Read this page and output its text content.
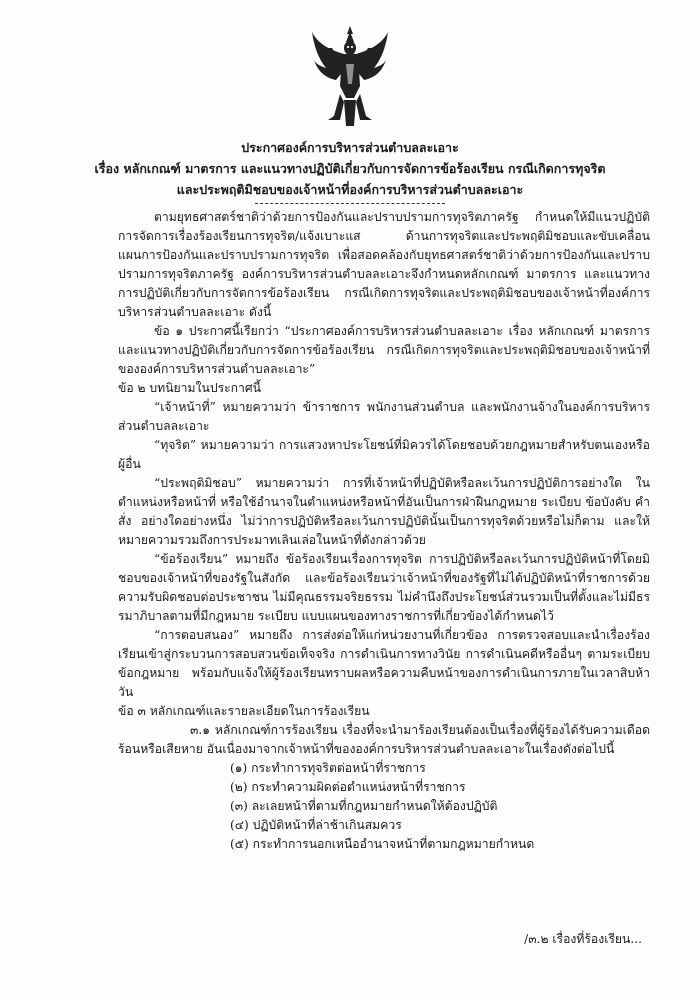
ประกาศองค์การบริหารส่วนตำบลละเอาะ
เรื่อง หลักเกณฑ์ มาตรการ และแนวทางปฏิบัติเกี่ยวกับการจัดการข้อร้องเรียน กรณีเกิดการทุจริต
และประพฤติมิชอบของเจ้าหน้าที่องค์การบริหารส่วนตำบลละเอาะ

ตามยุทธศาสตร์ชาติว่าด้วยการป้องกันและปราบปรามการทุจริตภาครัฐ กำหนดให้มีแนวปฏิบัติการจัดการเรื่องร้องเรียนการทุจริต/แจ้งเบาะแส ด้านการทุจริตและประพฤติมิชอบและขับเคลื่อนแผนการป้องกันและปราบปรามการทุจริต เพื่อสอดคล้องกับยุทธศาสตร์ชาติว่าด้วยการป้องกันและปราบปรามการทุจริตภาครัฐ องค์การบริหารส่วนตำบลละเอาะจึงกำหนดหลักเกณฑ์ มาตรการ และแนวทางการปฏิบัติเกี่ยวกับการจัดการข้อร้องเรียน กรณีเกิดการทุจริตและประพฤติมิชอบของเจ้าหน้าที่องค์การบริหารส่วนตำบลละเอาะ ดังนี้

ข้อ ๑ ประกาศนี้เรียกว่า “ประกาศองค์การบริหารส่วนตำบลละเอาะ เรื่อง หลักเกณฑ์ มาตรการและแนวทางปฏิบัติเกี่ยวกับการจัดการข้อร้องเรียน กรณีเกิดการทุจริตและประพฤติมิชอบของเจ้าหน้าที่ขององค์การบริหารส่วนตำบลละเอาะ”

ข้อ ๒ บทนิยามในประกาศนี้

“เจ้าหน้าที่” หมายความว่า ข้าราชการ พนักงานส่วนตำบล และพนักงานจ้างในองค์การบริหารส่วนตำบลละเอาะ

“ทุจริต” หมายความว่า การแสวงหาประโยชน์ที่มิควรได้โดยชอบด้วยกฎหมายสำหรับตนเองหรือผู้อื่น

“ประพฤติมิชอบ” หมายความว่า การที่เจ้าหน้าที่ปฏิบัติหรือละเว้นการปฏิบัติการอย่างใด ในตำแหน่งหรือหน้าที่ หรือใช้อำนาจในตำแหน่งหรือหน้าที่อันเป็นการฝ่าฝืนกฎหมาย ระเบียบ ข้อบังคับ คำสั่ง อย่างใดอย่างหนึ่ง ไม่ว่าการปฏิบัติหรือละเว้นการปฏิบัตินั้นเป็นการทุจริตด้วยหรือไม่ก็ตาม และให้หมายความรวมถึงการประมาทเลินเล่อในหน้าที่ดังกล่าวด้วย

“ข้อร้องเรียน” หมายถึง ข้อร้องเรียนเรื่องการทุจริต การปฏิบัติหรือละเว้นการปฏิบัติหน้าที่โดยมิชอบของเจ้าหน้าที่ของรัฐในสังกัด และข้อร้องเรียนว่าเจ้าหน้าที่ของรัฐที่ไม่ได้ปฏิบัติหน้าที่ราชการด้วยความรับผิดชอบต่อประชาชน ไม่มีคุณธรรมจริยธรรม ไม่คำนึงถึงประโยชน์ส่วนรวมเป็นที่ตั้งและไม่มีธรรมาภิบาลตามที่มีกฎหมาย ระเบียบ แบบแผนของทางราชการที่เกี่ยวข้องได้กำหนดไว้

“การตอบสนอง” หมายถึง การส่งต่อให้แก่หน่วยงานที่เกี่ยวข้อง การตรวจสอบและนำเรื่องร้องเรียนเข้าสู่กระบวนการสอบสวนข้อเท็จจริง การดำเนินการทางวินัย การดำเนินคดีหรืออื่นๆ ตามระเบียบข้อกฎหมาย พร้อมกับแจ้งให้ผู้ร้องเรียนทราบผลหรือความคืบหน้าของการดำเนินการภายในเวลาสิบห้าวัน

ข้อ ๓ หลักเกณฑ์และรายละเอียดในการร้องเรียน

๓.๑ หลักเกณฑ์การร้องเรียน เรื่องที่จะนำมาร้องเรียนต้องเป็นเรื่องที่ผู้ร้องได้รับความเดือดร้อนหรือเสียหาย อันเนื่องมาจากเจ้าหน้าที่ขององค์การบริหารส่วนตำบลละเอาะในเรื่องดังต่อไปนี้

(๑) กระทำการทุจริตต่อหน้าที่ราชการ
(๒) กระทำความผิดต่อตำแหน่งหน้าที่ราชการ
(๓) ละเลยหน้าที่ตามที่กฎหมายกำหนดให้ต้องปฏิบัติ
(๔) ปฏิบัติหน้าที่ล่าช้าเกินสมควร
(๕) กระทำการนอกเหนืออำนาจหน้าที่ตามกฎหมายกำหนด
/๓.๒ เรื่องที่ร้องเรียน...
